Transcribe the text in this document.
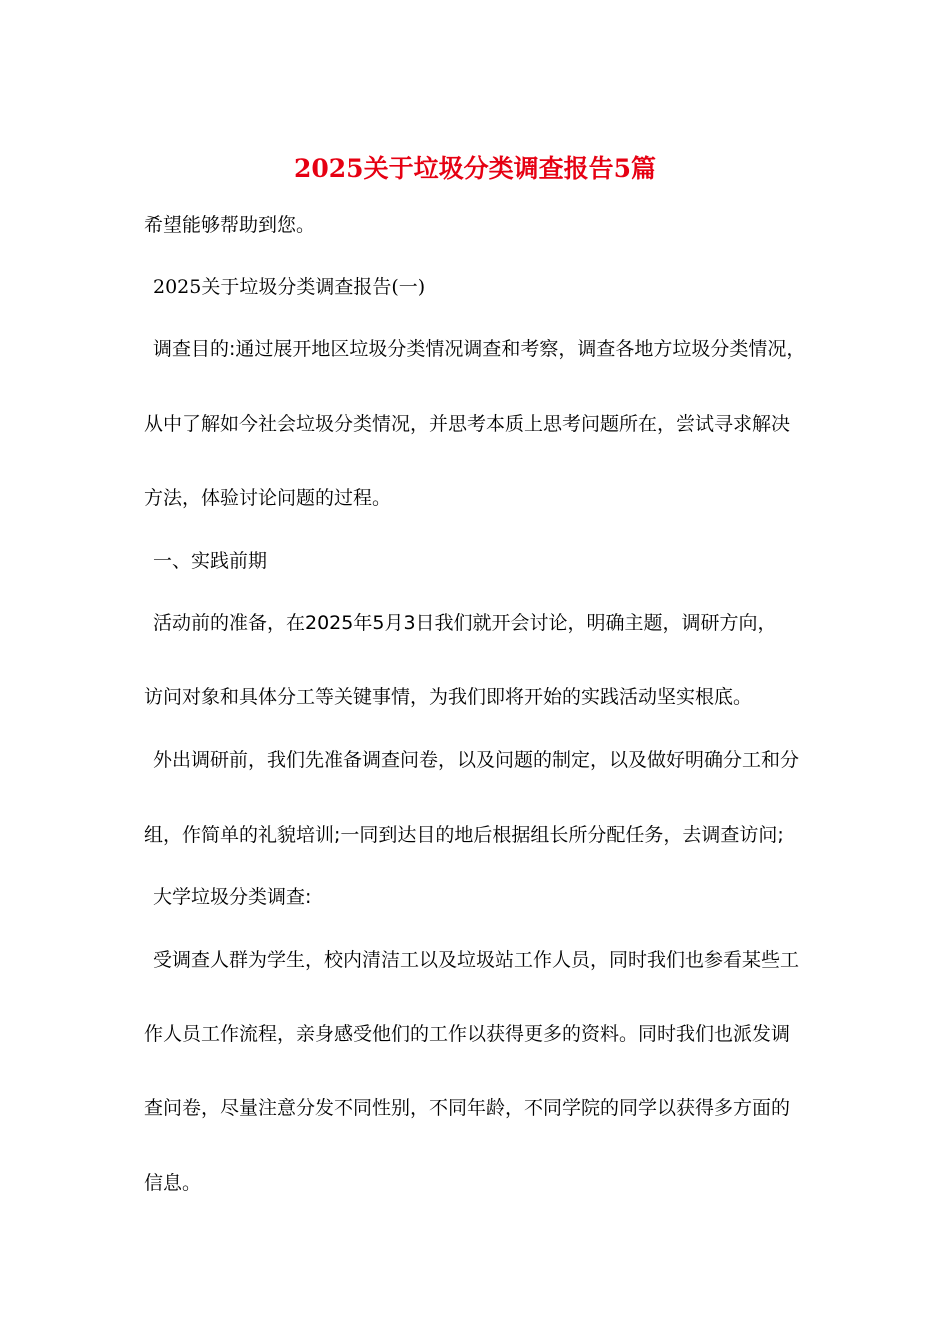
2025关于垃圾分类调查报告5篇
希望能够帮助到您。
2025关于垃圾分类调查报告(一)
调查目的:通过展开地区垃圾分类情况调查和考察，调查各地方垃圾分类情况，
从中了解如今社会垃圾分类情况，并思考本质上思考问题所在，尝试寻求解决
方法，体验讨论问题的过程。
一、实践前期
活动前的准备，在2025年5月3日我们就开会讨论，明确主题，调研方向，
访问对象和具体分工等关键事情，为我们即将开始的实践活动坚实根底。
外出调研前，我们先准备调查问卷，以及问题的制定，以及做好明确分工和分
组，作简单的礼貌培训;一同到达目的地后根据组长所分配任务，去调查访问;
大学垃圾分类调查:
受调查人群为学生，校内清洁工以及垃圾站工作人员，同时我们也参看某些工
作人员工作流程，亲身感受他们的工作以获得更多的资料。同时我们也派发调
查问卷，尽量注意分发不同性别，不同年龄，不同学院的同学以获得多方面的
信息。
